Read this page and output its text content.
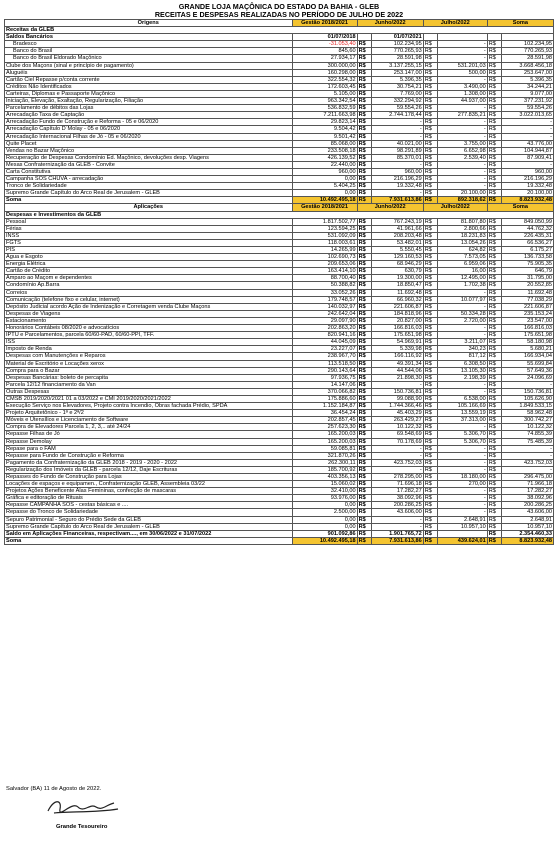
GRANDE LOJA MAÇÔNICA DO ESTADO DA BAHIA - GLEB
RECEITAS E DESPESAS REALIZADAS NO PERÍODO DE JULHO DE 2022
Origens	Gestão 2018/2021	Junho/2022		Julho/2022		Soma	
Receitas da GLEB							
Saldos Bancários	01/07/2018		01/07/2021				
Bradesco	-31.053,40	R$	102.234,95	R$	-	R$	102.234,95
Banco do Brasil	845,60	R$	770.265,93	R$	-	R$	770.265,93
Banco do Brasil Eldorado Maçônico	27.934,17	R$	28.591,98	R$	-	R$	28.591,98
Clube dos Maçons (sinal e princípio de pagamento)	300.000,00	R$	3.137.255,15	R$	531.201,03	R$	3.668.456,18
Aluguéis	160.298,00	R$	253.147,00	R$	500,00	R$	253.647,00
Cartão Ciel Repasse p/conta corrente	322.554,32	R$	5.396,35	R$	-	R$	5.396,35
Créditos Não Identificados	172.603,45	R$	30.754,21	R$	3.490,00	R$	34.244,21
Carteiras, Diplomas e Passaporte Maçônico	5.105,00	R$	7.769,00	R$	1.308,00	R$	9.077,00
Iniciação, Elevação, Exaltação, Regularização, Filiação	963.342,54	R$	332.294,92	R$	44.937,00	R$	377.231,92
Parcelamento de débitos das Lojas	536.832,59	R$	59.554,26	R$	-	R$	59.554,26
Arrecadação Taxa de Captação	7.211.663,98	R$	2.744.178,44	R$	277.835,21	R$	3.022.013,65
Arrecadação Fundo de Construção e Reforma - 05 e 06/2020	29.823,14	R$	-	R$	-	R$	-
Arrecadação Capítulo D´Molay - 05 e 06/2020	9.504,42	R$	-	R$	-	R$	-
Arrecadação Internacional Filhas de Jó - 05 e 06/2020	9.501,42	R$	-	R$	-	R$	-
Quite Placet	85.068,00	R$	40.021,00	R$	3.755,00	R$	43.776,00
Vendas no Bazar Maçônico	233.508,18	R$	98.291,89	R$	6.652,98	R$	104.944,87
Recuperação de Despesas Condomínio Ed. Maçônico, devoluções desp. Viagens	426.139,52	R$	85.370,01	R$	2.539,40	R$	87.909,41
Mesas Confraternização da GLEB - Convite	22.440,00	R$	-	R$	-	R$	-
Carta Constitutiva	960,00	R$	960,00	R$	-	R$	960,00
Campanha SOS CHUVA - arrecadação	0,00	R$	216.196,29	R$	-	R$	216.196,29
Tronco de Solidariedade	5.404,25	R$	19.332,48	R$	-	R$	19.332,48
Supremo Grande Capítulo do Arco Real de Jerusalem - GLEB	0,00	R$	-	R$	20.100,00	R$	20.100,00
Soma	10.492.495,18	R$	7.931.613,86	R$	892.318,62	R$	8.823.932,48
Aplicações	Gestão 2018/2021	Junho/2022		Julho/2022		Soma	
Despesas e Investimentos da GLEB							
Pessoal	1.817.502,77	R$	767.243,19	R$	81.807,80	R$	849.050,99
Férias	123.594,25	R$	41.961,66	R$	2.800,66	R$	44.762,32
INSS	531.092,09	R$	208.203,48	R$	18.231,83	R$	226.435,31
FGTS	118.003,61	R$	53.482,01	R$	13.054,26	R$	66.536,27
PIS	14.265,99	R$	5.550,45	R$	624,82	R$	6.175,27
Agua e Esgoto	102.690,73	R$	129.160,53	R$	7.573,05	R$	136.733,58
Energia Elétrica	209.653,06	R$	68.946,29	R$	6.959,06	R$	75.905,35
Cartão de Crédito	163.414,10	R$	630,79	R$	16,00	R$	646,79
Amparo ao Maçom e dependentes	88.700,40	R$	19.300,00	R$	12.495,00	R$	31.795,00
Condomínio Ap.Barra	50.388,82	R$	18.850,47	R$	1.702,38	R$	20.552,85
Correios	33.052,26	R$	11.692,48	R$	-	R$	11.692,48
Comunicação (telefone fixo e celular, internet)	179.748,57	R$	66.960,32	R$	10.077,97	R$	77.038,29
Depósito Judicial acordo Ação de Indenização e Corretagem venda Clube Maçons	140.032,97	R$	221.606,87	R$	-	R$	221.606,87
Despesas de Viagens	242.642,04	R$	184.818,96	R$	50.334,28	R$	235.153,24
Estacionamento	29.097,90	R$	20.827,00	R$	2.720,00	R$	23.547,00
Honorários Contábeis 08/2020 e advocatícios	202.863,20	R$	166.816,03	R$	-	R$	166.816,03
IPTU e Parcelamentos, parcela 60/60-PAD, 60/60-PPI, TFF.	820.941,16	R$	175.651,98	R$	-	R$	175.651,98
ISS	44.045,09	R$	54.969,91	R$	3.211,07	R$	58.180,98
Imposto de Renda	23.227,07	R$	5.339,98	R$	340,23	R$	5.680,21
Despesas com Manutenções e Reparos	238.967,70	R$	166.116,92	R$	817,12	R$	166.934,04
Material de Escritório e Locações xerox	113.518,50	R$	49.391,34	R$	6.308,50	R$	55.699,84
Compra para o Bazar	290.143,64	R$	44.544,06	R$	13.105,30	R$	57.649,36
Despesas Bancárias: boleto de percapita	97.936,75	R$	21.898,30	R$	2.198,39	R$	24.096,69
Parcela 12/12 financiamento da Van	14.147,06	R$	-	R$	-	R$	-
Outras Despesas	370.066,82	R$	150.736,81	R$	-	R$	150.736,81
CMSB 2019/2020/2021 01 a 03/2022 e CMI 2019/2020/2021/2022	175.886,60	R$	99.088,90	R$	6.538,00	R$	105.626,90
Execução Serviço nos Elevadores, Projeto contra Incendio, Obras fachada Prédio, SPDA	1.152.184,87	R$	1.744.366,46	R$	105.166,69	R$	1.849.533,15
Projeto Arquitetônico - 1ª e 2ª/2	36.454,24	R$	45.403,29	R$	13.559,19	R$	58.962,48
Móveis e Utensílios e Licenciamento de Software	202.857,45	R$	263.429,27	R$	37.313,00	R$	300.742,27
Compra de Elevadores Parcela 1, 2, 3,.. até 24/24	257.623,30	R$	10.122,32	R$	-	R$	10.122,32
Repasse Filhas de Jó	165.200,03	R$	69.548,69	R$	5.306,70	R$	74.855,39
Repasse Demolay	165.200,03	R$	70.178,69	R$	5.306,70	R$	75.485,39
Repase para o FAM	59.085,81	R$	-	R$	-	R$	-
Repasse para Fundo de Construção e Reforma	321.870,26	R$	-	R$	-	R$	-
Pagamento da Confraternização da GLEB 2018 - 2019 - 2020 - 2022	262.300,11	R$	423.752,03	R$	-	R$	423.752,03
Regularização dos Imóveis da GLEB - parcela 12/12, Daje Escrituras	185.700,92	R$	-	R$	-	R$	-
Repasses do Fundo de Construção para Lojas	403.356,13	R$	278.295,00	R$	18.180,00	R$	296.475,00
Locações de espaços e equipamen., Confraternização GLEB, Assembleia 03/22	15.060,02	R$	71.696,18	R$	270,00	R$	71.966,18
Projetos Ações Beneficente Alas Femininas, confecção de mascaras	32.410,00	R$	17.282,27	R$	-	R$	17.282,27
Gráfica e editoração de Rituais	93.976,00	R$	38.092,96	R$	-	R$	38.092,96
Repasse CAMPANHA SOS - cestas básicas e ....	0,00	R$	200.286,25	R$	-	R$	200.286,25
Repasse do Tronco de Solidariedade	2.500,00	R$	43.606,00	R$	-	R$	43.606,00
Sepuro Patrimonial - Seguro do Prédio Sede da GLEB	0,00	R$	-	R$	2.648,91	R$	2.648,91
Supremo Grande Capítulo do Arco Real de Jerusalem - GLEB	0,00	R$	-	R$	10.957,10	R$	10.957,10
Saldo em Aplicações Financeiras, respectivam...., em 30/06/2022 e 31/07/2022	901.092,86	R$	1.901.765,72	R$		R$	2.354.460,33
Soma	10.492.495,18	R$	7.931.613,86	R$	439.624,01	R$	8.823.932,48
Salvador (BA) 11 de Agosto de 2022.
Grande Tesoureiro
